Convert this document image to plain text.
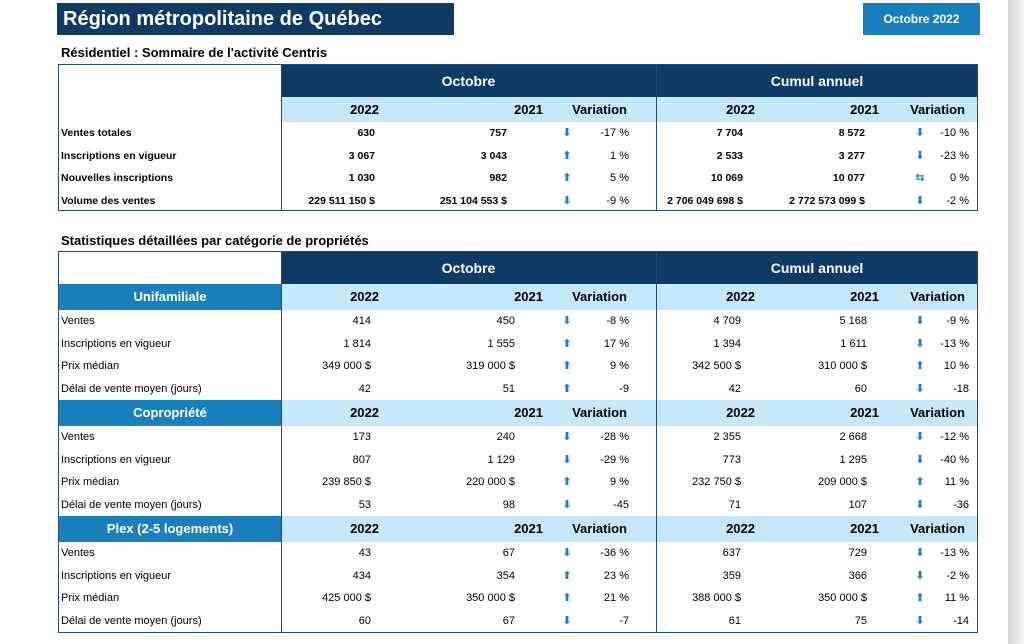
Région métropolitaine de Québec	Octobre 2022
Résidentiel : Sommaire de l'activité Centris
Octobre	Cumul annuel
2022	2021	Variation	2022	2021	Variation
Ventes totales	630	757	⬇	-17 %	7 704	8 572	⬇	-10 %
Inscriptions en vigueur	3 067	3 043	⬆	1 %	2 533	3 277	⬇	-23 %
Nouvelles inscriptions	1 030	982	⬆	5 %	10 069	10 077	⇆	0 %
Volume des ventes	229 511 150 $	251 104 553 $	⬇	-9 %	2 706 049 698 $	2 772 573 099 $	⬇	-2 %
Statistiques détaillées par catégorie de propriétés
Octobre	Cumul annuel
Unifamiliale	2022	2021	Variation	2022	2021	Variation
Ventes	414	450	⬇	-8 %	4 709	5 168	⬇	-9 %
Inscriptions en vigueur	1 814	1 555	⬆	17 %	1 394	1 611	⬇	-13 %
Prix médian	349 000 $	319 000 $	⬆	9 %	342 500 $	310 000 $	⬆	10 %
Délai de vente moyen (jours)	42	51	⬆	-9	42	60	⬇	-18
Copropriété	2022	2021	Variation	2022	2021	Variation
Ventes	173	240	⬇	-28 %	2 355	2 668	⬇	-12 %
Inscriptions en vigueur	807	1 129	⬇	-29 %	773	1 295	⬇	-40 %
Prix médian	239 850 $	220 000 $	⬆	9 %	232 750 $	209 000 $	⬆	11 %
Délai de vente moyen (jours)	53	98	⬇	-45	71	107	⬇	-36
Plex (2-5 logements)	2022	2021	Variation	2022	2021	Variation
Ventes	43	67	⬇	-36 %	637	729	⬇	-13 %
Inscriptions en vigueur	434	354	⬆	23 %	359	366	⬇	-2 %
Prix médian	425 000 $	350 000 $	⬆	21 %	388 000 $	350 000 $	⬆	11 %
Délai de vente moyen (jours)	60	67	⬇	-7	61	75	⬇	-14
